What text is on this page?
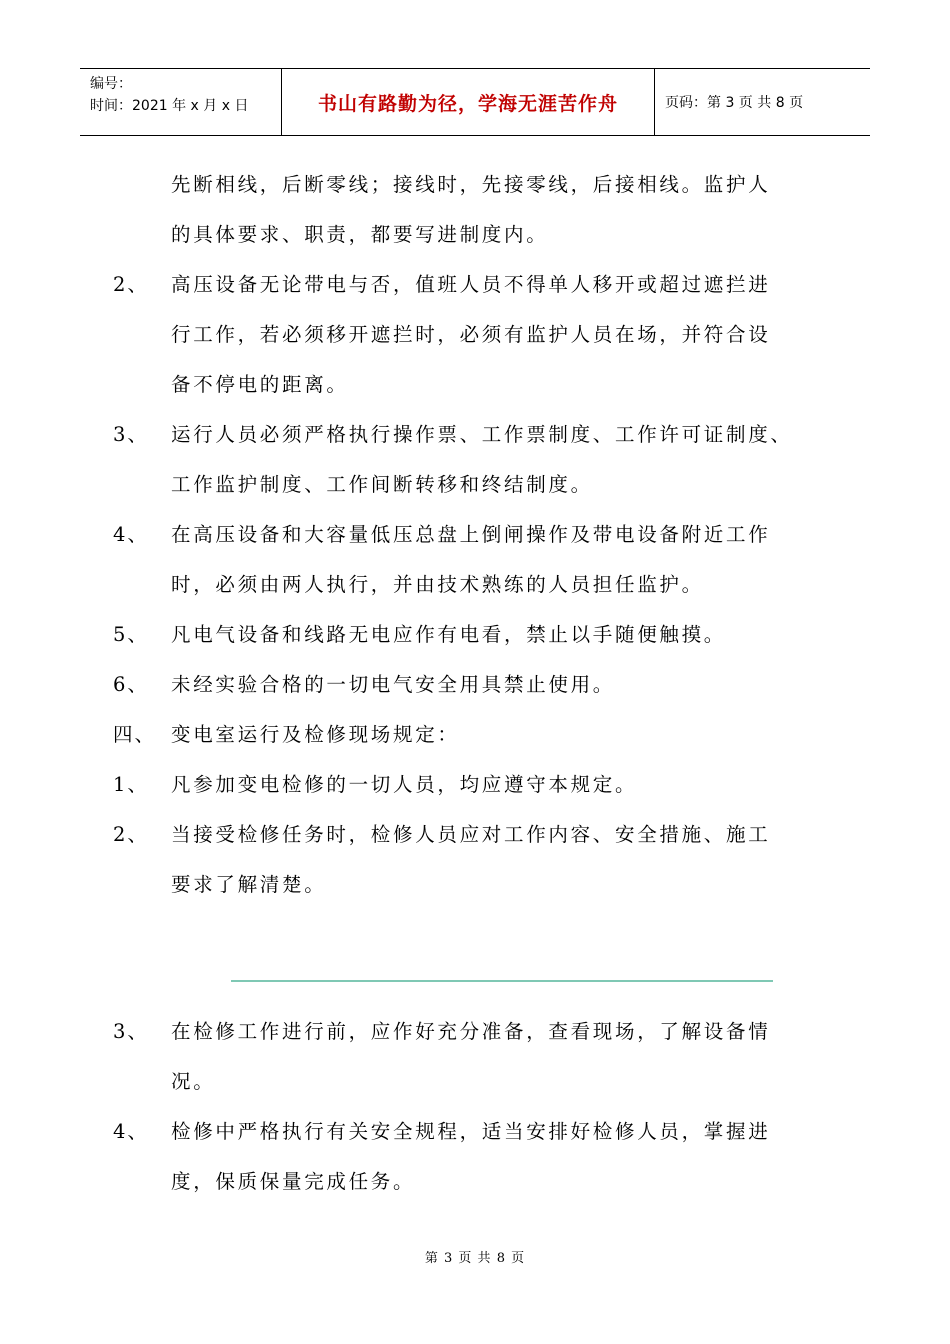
编号：
时间：2021 年 x 月 x 日	书山有路勤为径，学海无涯苦作舟	页码：第 3 页 共 8 页
先断相线，后断零线；接线时，先接零线，后接相线。监护人
的具体要求、职责，都要写进制度内。
2、	高压设备无论带电与否，值班人员不得单人移开或超过遮拦进
行工作，若必须移开遮拦时，必须有监护人员在场，并符合设
备不停电的距离。
3、	运行人员必须严格执行操作票、工作票制度、工作许可证制度、
工作监护制度、工作间断转移和终结制度。
4、	在高压设备和大容量低压总盘上倒闸操作及带电设备附近工作
时，必须由两人执行，并由技术熟练的人员担任监护。
5、	凡电气设备和线路无电应作有电看，禁止以手随便触摸。
6、	未经实验合格的一切电气安全用具禁止使用。
四、 变电室运行及检修现场规定：
1、	凡参加变电检修的一切人员，均应遵守本规定。
2、	当接受检修任务时，检修人员应对工作内容、安全措施、施工
要求了解清楚。
3、	在检修工作进行前，应作好充分准备，查看现场，了解设备情
况。
4、	检修中严格执行有关安全规程，适当安排好检修人员，掌握进
度，保质保量完成任务。
第 3 页 共 8 页
